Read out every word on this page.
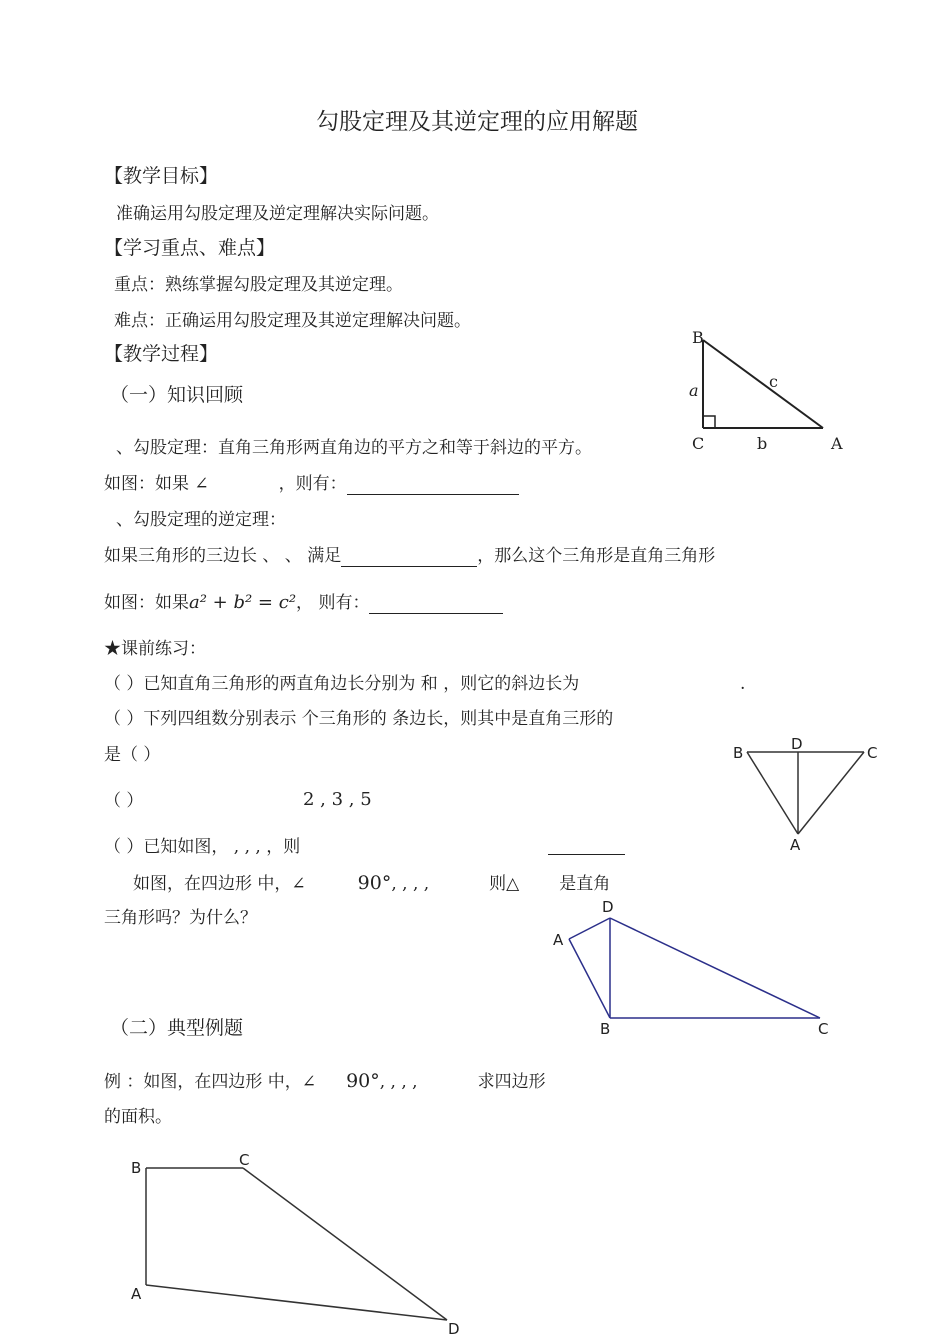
勾股定理及其逆定理的应用解题
【教学目标】
准确运用勾股定理及逆定理解决实际问题。
【学习重点、难点】
重点：熟练掌握勾股定理及其逆定理。
难点：正确运用勾股定理及其逆定理解决问题。
【教学过程】
（一）知识回顾
、勾股定理：直角三角形两直角边的平方之和等于斜边的平方。
如图：如果 ∠	，则有：
、勾股定理的逆定理：
如果三角形的三边长 、 、 满足	，那么这个三角形是直角三角形
如图：如果a² + b² = c²， 则有：
★课前练习：
（ ）已知直角三角形的两直角边长分别为 和 ，则它的斜边长为	.
（ ）下列四组数分别表示 个三角形的 条边长，则其中是直角三形的
是（ ）
（ ）	2 , 3 , 5
（ ）已知如图， , , , ，则
如图，在四边形 中，∠	90°, , , ,	则△ 是直角
三角形吗？为什么？
（二）典型例题
例 ：如图，在四边形 中，∠ 90°, , , ,	求四边形
的面积。
B
C	A
a
b
c
B	D	C
A
A
D
B	C
B	C
A
D
